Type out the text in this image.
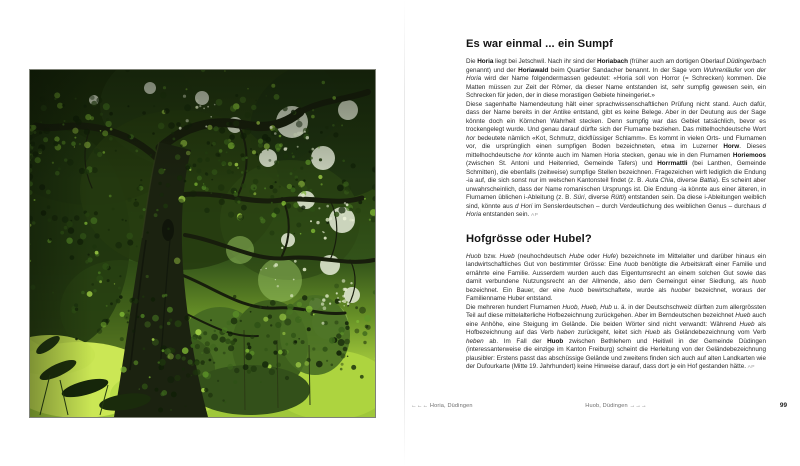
Es war einmal ... ein Sumpf

Die Horia liegt bei Jetschwil. Nach ihr sind der Horiabach (früher auch am dortigen Oberlauf Düdingerbach genannt) und der Horiawald beim Quartier Sandacher benannt. In der Sage vom Wuhrenläufer von der Horia wird der Name folgendermassen gedeutet: «Horia soll von Horror (= Schrecken) kommen. Die Matten müssen zur Zeit der Römer, da dieser Name entstanden ist, sehr sumpfig gewesen sein, ein Schrecken für jeden, der in diese morastigen Gebiete hineingeriet.»

Diese sagenhafte Namendeutung hält einer sprachwissenschaftlichen Prüfung nicht stand. Auch dafür, dass der Name bereits in der Antike entstand, gibt es keine Belege. Aber in der Deutung aus der Sage könnte doch ein Körnchen Wahrheit stecken. Denn sumpfig war das Gebiet tatsächlich, bevor es trockengelegt wurde. Und genau darauf dürfte sich der Flurname beziehen. Das mittelhochdeutsche Wort hor bedeutete nämlich «Kot, Schmutz, dickflüssiger Schlamm». Es kommt in vielen Orts- und Flurnamen vor, die ursprünglich einen sumpfigen Boden bezeichneten, etwa im Luzerner Horw. Dieses mittelhochdeutsche hor könnte auch im Namen Horia stecken, genau wie in den Flurnamen Horiemoos (zwischen St. Antoni und Heitenried, Gemeinde Tafers) und Horrmattli (bei Lanthen, Gemeinde Schmitten), die ebenfalls (zeitweise) sumpfige Stellen bezeichnen. Fragezeichen wirft lediglich die Endung -ia auf, die sich sonst nur im welschen Kantonsteil findet (z. B. Auta Chia, diverse Battia). Es scheint aber unwahrscheinlich, dass der Name romanischen Ursprungs ist. Die Endung -ia könnte aus einer älteren, in Flurnamen üblichen i-Ableitung (z. B. Süri, diverse Rütti) entstanden sein. Da diese i-Ableitungen weiblich sind, könnte aus d Hori im Senslerdeutschen – durch Verdeutlichung des weiblichen Genus – durchaus d Horia entstanden sein. AP

Hofgrösse oder Hubel?

Huob bzw. Hueb (neuhochdeutsch Hube oder Hufe) bezeichnete im Mittelalter und darüber hinaus ein landwirtschaftliches Gut von bestimmter Grösse: Eine huob benötigte die Arbeitskraft einer Familie und ernährte eine Familie. Ausserdem wurden auch das Eigentumsrecht an einem solchen Gut sowie das damit verbundene Nutzungsrecht an der Allmende, also dem Gemeingut einer Siedlung, als huob bezeichnet. Ein Bauer, der eine huob bewirtschaftete, wurde als huober bezeichnet, woraus der Familienname Huber entstand.

Die mehreren hundert Flurnamen Huob, Hueb, Hub u. ä. in der Deutschschweiz dürften zum allergrössten Teil auf diese mittelalterliche Hofbezeichnung zurückgehen. Aber im Berndeutschen bezeichnet Hueb auch eine Anhöhe, eine Steigung im Gelände. Die beiden Wörter sind nicht verwandt: Während Hueb als Hofbezeichnung auf das Verb haben zurückgeht, leitet sich Hueb als Geländebezeichnung vom Verb heben ab. Im Fall der Huob zwischen Bethlehem und Heitiwil in der Gemeinde Düdingen (interessanterweise die einzige im Kanton Freiburg) scheint die Herleitung von der Geländebezeichnung plausibler: Erstens passt das abschüssige Gelände und zweitens finden sich auch auf alten Landkarten wie der Dufourkarte (Mitte 19. Jahrhundert) keine Hinweise darauf, dass dort je ein Hof gestanden hätte. AP

←←← Horia, Düdingen	Huob, Düdingen →→→	99
